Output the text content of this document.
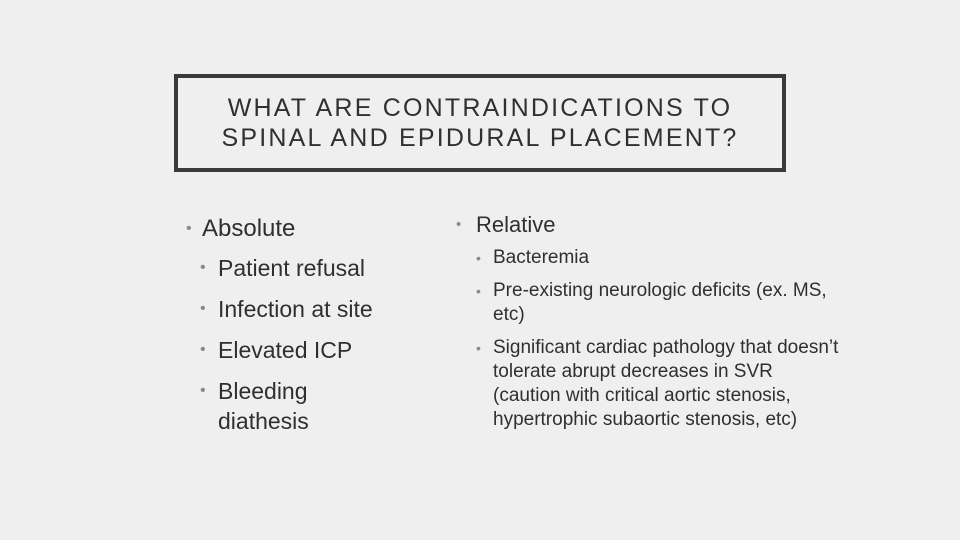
WHAT ARE CONTRAINDICATIONS TO
SPINAL AND EPIDURAL PLACEMENT?
• Absolute
• Patient refusal
• Infection at site
• Elevated ICP
• Bleeding diathesis
• Relative
• Bacteremia
• Pre-existing neurologic deficits (ex. MS, etc)
• Significant cardiac pathology that doesn’t tolerate abrupt decreases in SVR (caution with critical aortic stenosis, hypertrophic subaortic stenosis, etc)
